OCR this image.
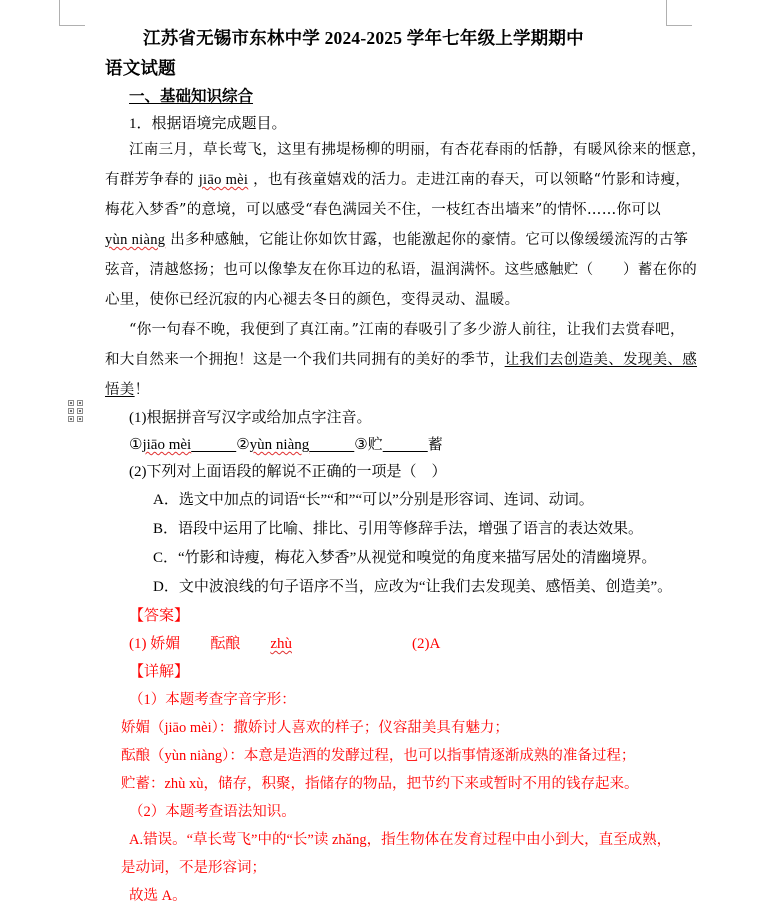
江苏省无锡市东林中学 2024-2025 学年七年级上学期期中
语文试题
一、基础知识综合
1．根据语境完成题目。
江南三月，草长莺飞，这里有拂堤杨柳的明丽，有杏花春雨的恬静，有暖风徐来的惬意，
有群芳争春的 jiāo mèi ，也有孩童嬉戏的活力。走进江南的春天，可以领略“竹影和诗瘦，
梅花入梦香”的意境，可以感受“春色满园关不住，一枝红杏出墙来”的情怀……你可以
yùn niàng 出多种感触，它能让你如饮甘露，也能激起你的豪情。它可以像缓缓流泻的古筝
弦音，清越悠扬；也可以像挚友在你耳边的私语，温润满怀。这些感触贮（　　）蓄在你的
心里，使你已经沉寂的内心褪去冬日的颜色，变得灵动、温暖。
“你一句春不晚，我便到了真江南。”江南的春吸引了多少游人前往，让我们去赏春吧，
和大自然来一个拥抱！这是一个我们共同拥有的美好的季节，让我们去创造美、发现美、感
悟美！
(1)根据拼音写汉字或给加点字注音。
①jiāo mèi　　　	②yùn niàng　　　	③贮　　　	蓄
(2)下列对上面语段的解说不正确的一项是（　）
A．选文中加点的词语“长”“和”“可以”分别是形容词、连词、动词。
B．语段中运用了比喻、排比、引用等修辞手法，增强了语言的表达效果。
C．“竹影和诗瘦，梅花入梦香”从视觉和嗅觉的角度来描写居处的清幽境界。
D．文中波浪线的句子语序不当，应改为“让我们去发现美、感悟美、创造美”。
【答案】
(1) 娇媚　　 酝酿　　 zhù　　　　　　　　	(2)A
【详解】
（1）本题考查字音字形：
娇媚（jiāo mèi）：撒娇讨人喜欢的样子；仪容甜美具有魅力；
酝酿（yùn niàng）：本意是造酒的发酵过程，也可以指事情逐渐成熟的准备过程；
贮蓄：zhù xù，储存，积聚，指储存的物品，把节约下来或暂时不用的钱存起来。
（2）本题考查语法知识。
A.错误。“草长莺飞”中的“长”读 zhǎng，指生物体在发育过程中由小到大，直至成熟，
是动词，不是形容词；
故选 A。
